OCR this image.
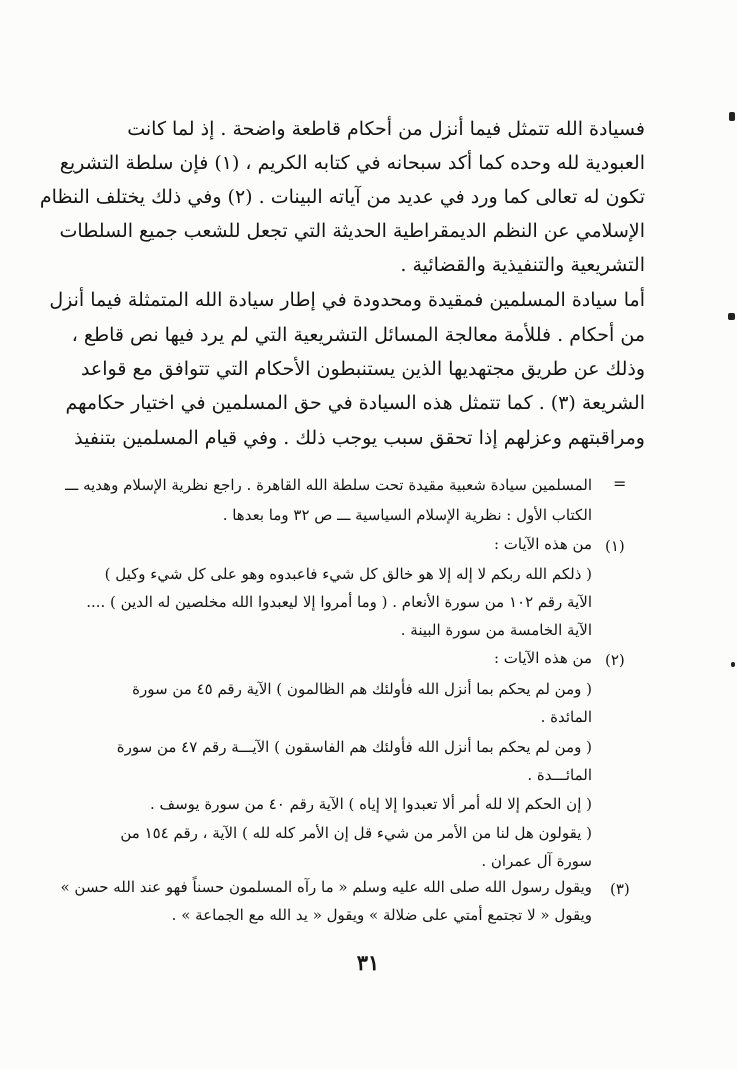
فسيادة الله تتمثل فيما أنزل من أحكام قاطعة واضحة . إذ لما كانت
العبودية لله وحده كما أكد سبحانه في كتابه الكريم ، (١) فإن سلطة التشريع
تكون له تعالى كما ورد في عديد من آياته البينات . (٢) وفي ذلك يختلف النظام
الإسلامي عن النظم الديمقراطية الحديثة التي تجعل للشعب جميع السلطات
التشريعية والتنفيذية والقضائية .
أما سيادة المسلمين فمقيدة ومحدودة في إطار سيادة الله المتمثلة فيما أنزل
من أحكام . فللأمة معالجة المسائل التشريعية التي لم يرد فيها نص قاطع ،
وذلك عن طريق مجتهديها الذين يستنبطون الأحكام التي تتوافق مع قواعد
الشريعة (٣) . كما تتمثل هذه السيادة في حق المسلمين في اختيار حكامهم
ومراقبتهم وعزلهم إذا تحقق سبب يوجب ذلك . وفي قيام المسلمين بتنفيذ
=
المسلمين سيادة شعبية مقيدة تحت سلطة الله القاهرة . راجع نظرية الإسلام وهديه ـــ
الكتاب الأول : نظرية الإسلام السياسية ـــ ص ٣٢ وما بعدها .
(١)
من هذه الآيات :
( ذلكم الله ربكم لا إله إلا هو خالق كل شيء فاعبدوه وهو على كل شيء وكيل )
الآية رقم ١٠٢ من سورة الأنعام . ( وما أمروا إلا ليعبدوا الله مخلصين له الدين ) ....
الآية الخامسة من سورة البينة .
(٢)
من هذه الآيات :
( ومن لم يحكم بما أنزل الله فأولئك هم الظالمون ) الآية رقم ٤٥ من سورة
المائدة .
( ومن لم يحكم بما أنزل الله فأولئك هم الفاسقون ) الآيـــة رقم ٤٧ من سورة
المائـــدة .
( إن الحكم إلا لله أمر ألا تعبدوا إلا إياه ) الآية رقم ٤٠ من سورة يوسف .
( يقولون هل لنا من الأمر من شيء قل إن الأمر كله لله ) الآية ، رقم ١٥٤ من
سورة آل عمران .
(٣)
ويقول رسول الله صلى الله عليه وسلم « ما رآه المسلمون حسناً فهو عند الله حسن »
ويقول « لا تجتمع أمتي على ضلالة » ويقول « يد الله مع الجماعة » .
٣١
